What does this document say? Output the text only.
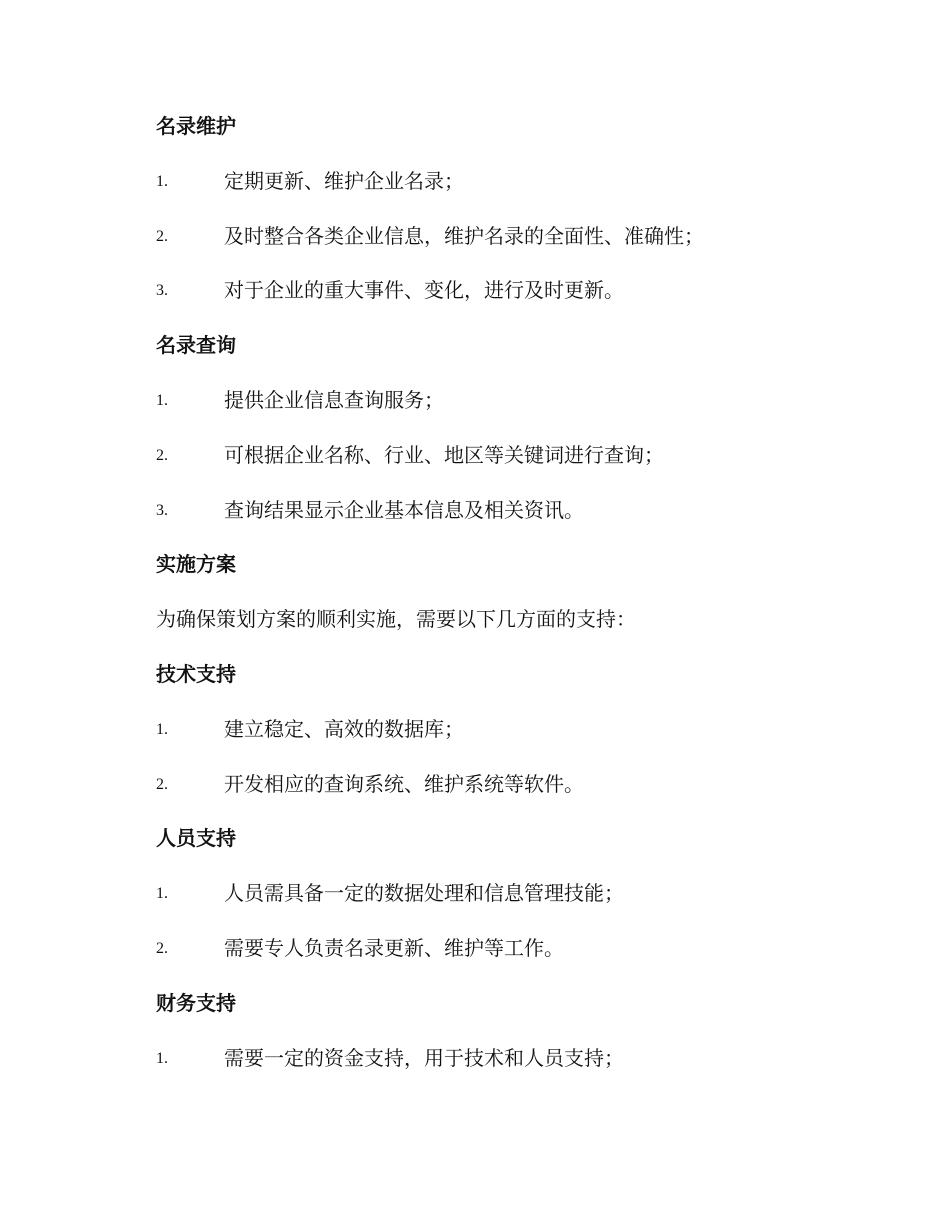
名录维护
1.	定期更新、维护企业名录；
2.	及时整合各类企业信息，维护名录的全面性、准确性；
3.	对于企业的重大事件、变化，进行及时更新。
名录查询
1.	提供企业信息查询服务；
2.	可根据企业名称、行业、地区等关键词进行查询；
3.	查询结果显示企业基本信息及相关资讯。
实施方案
为确保策划方案的顺利实施，需要以下几方面的支持：
技术支持
1.	建立稳定、高效的数据库；
2.	开发相应的查询系统、维护系统等软件。
人员支持
1.	人员需具备一定的数据处理和信息管理技能；
2.	需要专人负责名录更新、维护等工作。
财务支持
1.	需要一定的资金支持，用于技术和人员支持；
